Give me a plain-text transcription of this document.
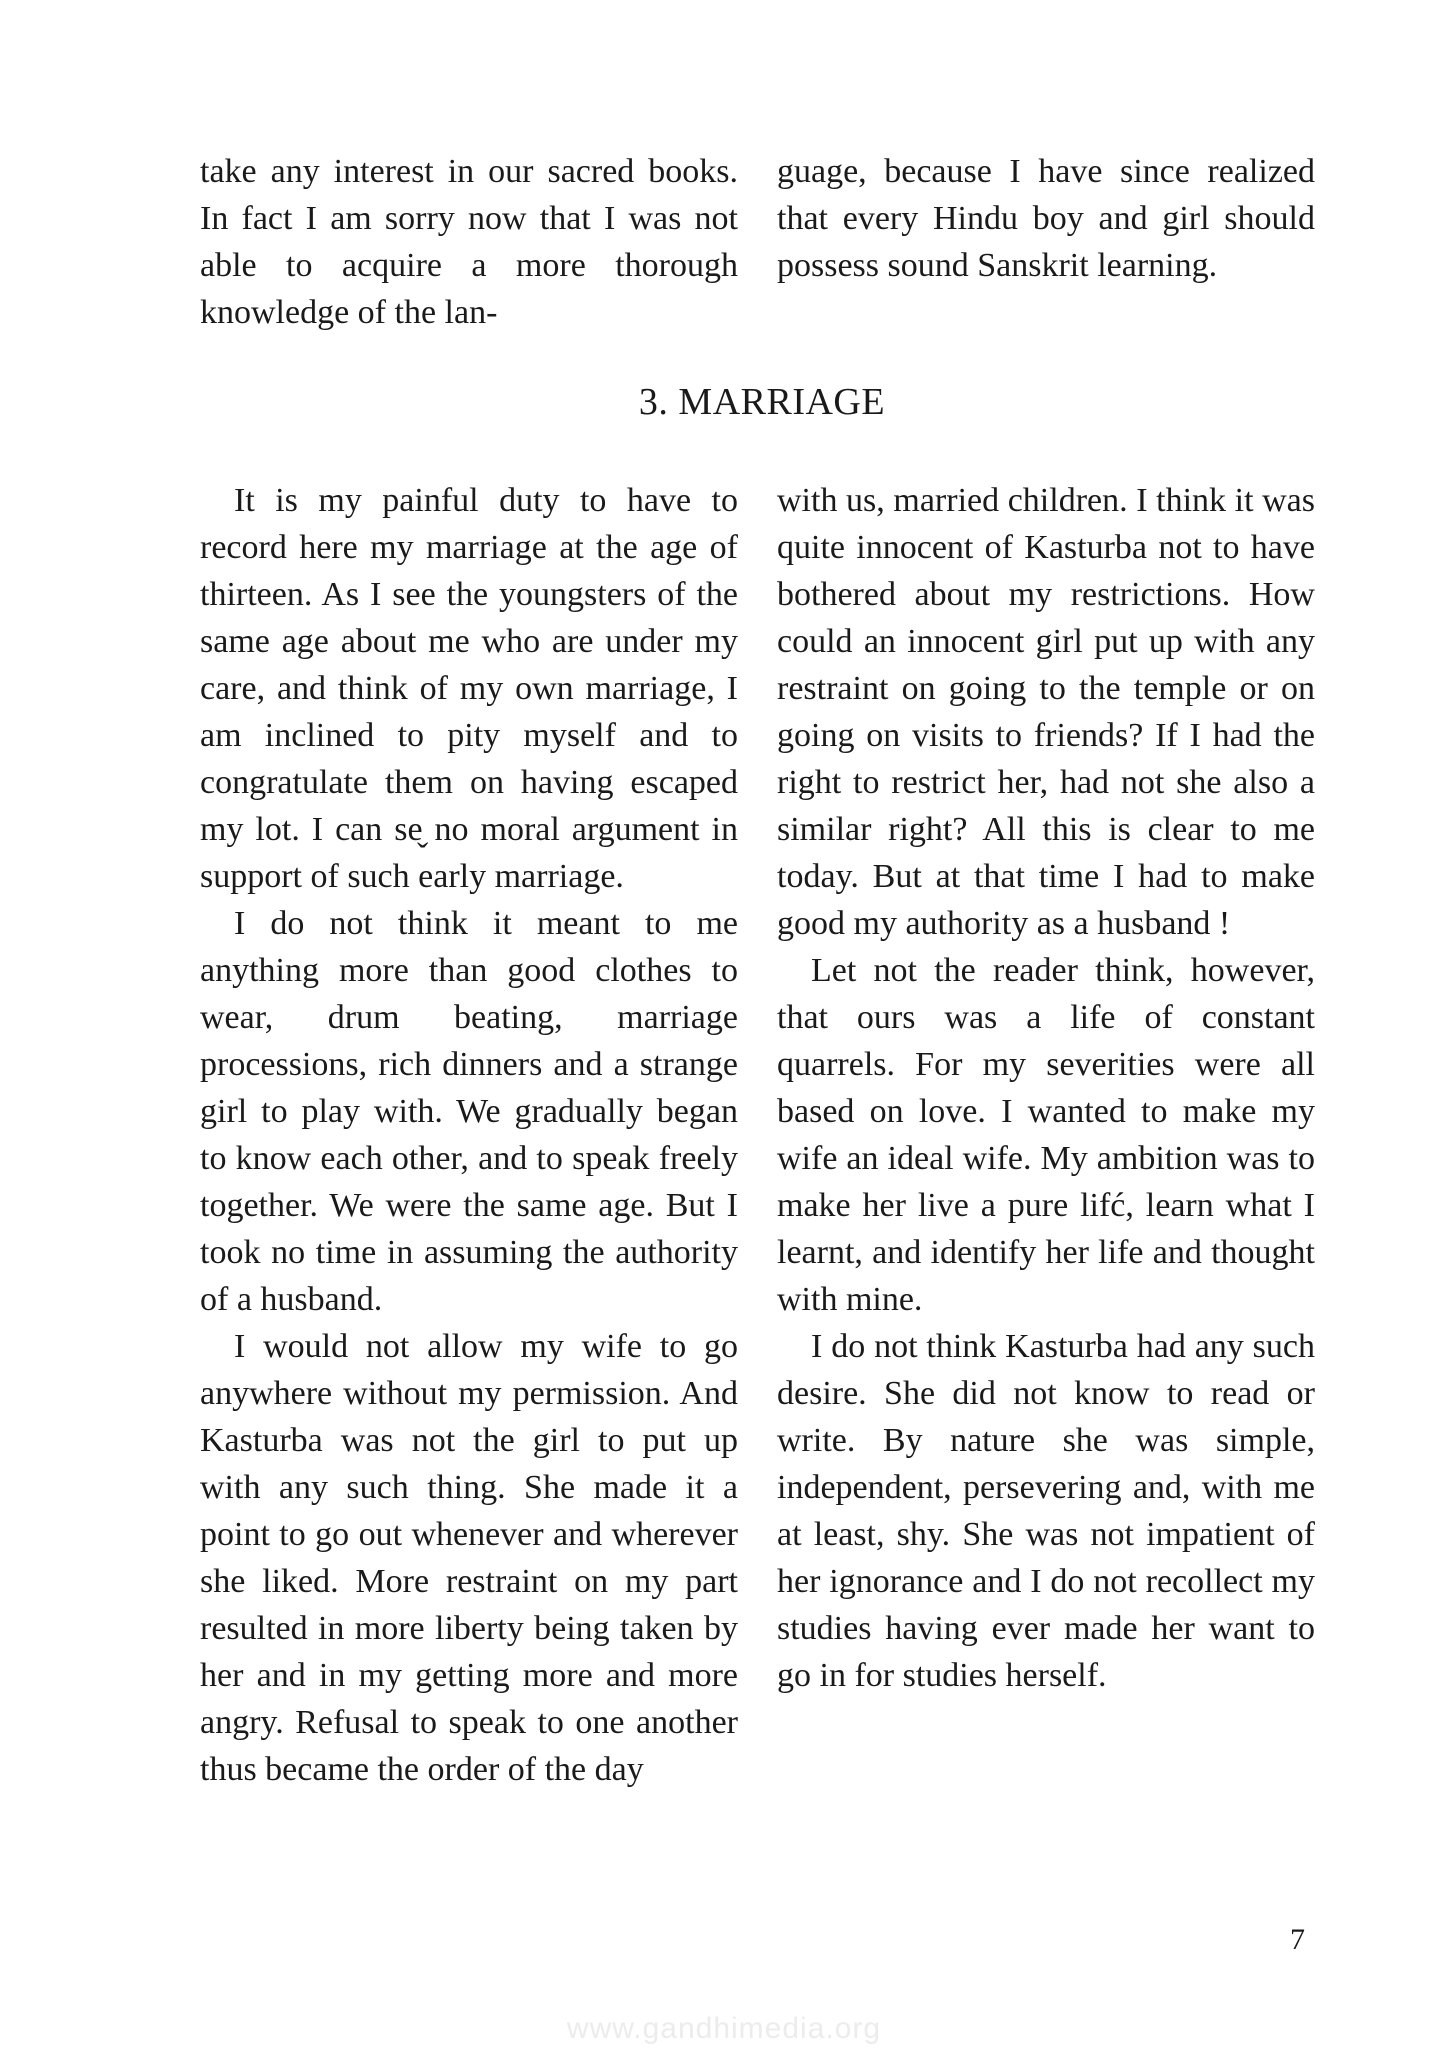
take any interest in our sacred books. In fact I am sorry now that I was not able to acquire a more thorough knowledge of the lan-

guage, because I have since realized that every Hindu boy and girl should possess sound Sanskrit learning.

3. MARRIAGE

It is my painful duty to have to record here my marriage at the age of thirteen. As I see the youngsters of the same age about me who are under my care, and think of my own marriage, I am inclined to pity myself and to congratulate them on having escaped my lot. I can se̬ no moral argument in support of such early marriage.

I do not think it meant to me anything more than good clothes to wear, drum beating, marriage processions, rich dinners and a strange girl to play with. We gradually began to know each other, and to speak freely together. We were the same age. But I took no time in assuming the authority of a husband.

I would not allow my wife to go anywhere without my permission. And Kasturba was not the girl to put up with any such thing. She made it a point to go out whenever and wherever she liked. More restraint on my part resulted in more liberty being taken by her and in my getting more and more angry. Refusal to speak to one another thus became the order of the day

with us, married children. I think it was quite innocent of Kasturba not to have bothered about my restrictions. How could an innocent girl put up with any restraint on going to the temple or on going on visits to friends? If I had the right to restrict her, had not she also a similar right? All this is clear to me today. But at that time I had to make good my authority as a husband !

Let not the reader think, however, that ours was a life of constant quarrels. For my severities were all based on love. I wanted to make my wife an ideal wife. My ambition was to make her live a pure lifć, learn what I learnt, and identify her life and thought with mine.

I do not think Kasturba had any such desire. She did not know to read or write. By nature she was simple, independent, persevering and, with me at least, shy. She was not impatient of her ignorance and I do not recollect my studies having ever made her want to go in for studies herself.

7
www.gandhimedia.org
